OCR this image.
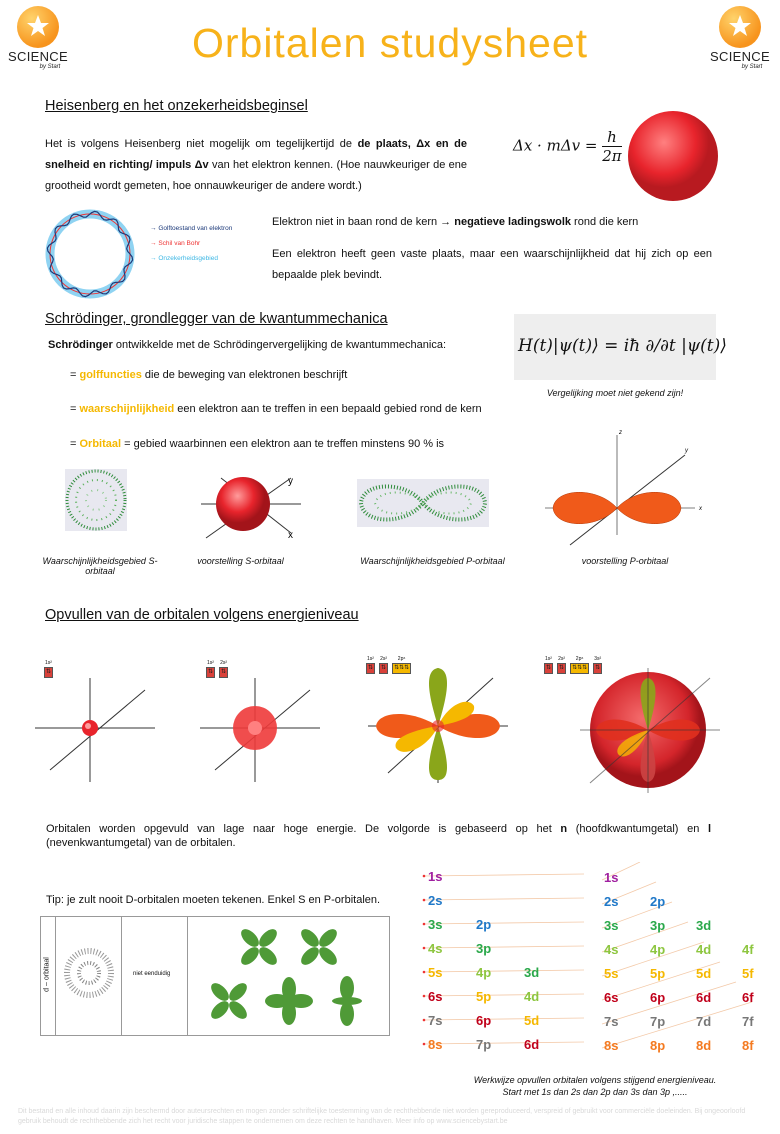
SCIENCE
by Start
SCIENCE
by Start
Orbitalen studysheet
Heisenberg en het onzekerheidsbeginsel
Het is volgens Heisenberg niet mogelijk om tegelijkertijd de de plaats, Δx en de snelheid en richting/ impuls Δv van het elektron kennen. (Hoe nauwkeuriger de ene grootheid wordt gemeten, hoe onnauwkeuriger de andere wordt.)
$\Delta x \cdot m\Delta v = \frac{h}{2\pi}$
→ Golftoestand van elektron
→ Schil van Bohr
→ Onzekerheidsgebied
Elektron niet in baan rond de kern → negatieve ladingswolk rond die kern
Een elektron heeft geen vaste plaats, maar een waarschijnlijkheid dat hij zich op een bepaalde plek bevindt.
Schrödinger, grondlegger van de kwantummechanica
Schrödinger ontwikkelde met de Schrödingervergelijking de kwantummechanica:	H(t)|ψ(t)⟩ = iħ ∂/∂t |ψ(t)⟩
Vergelijking moet niet gekend zijn!
= golffuncties die de beweging van elektronen beschrijft
= waarschijnlijkheid een elektron aan te treffen in een bepaald gebied rond de kern
= Orbitaal = gebied waarbinnen een elektron aan te treffen minstens 90 % is
Waarschijnlijkheidsgebied S-orbitaal
y
x
voorstelling S-orbitaal	Waarschijnlijkheidsgebied P-orbitaal
z
y
x
voorstelling P-orbitaal
Opvullen van de orbitalen volgens energieniveau
1s²
⇅
1s²
⇅
2s²
⇅
1s²
⇅
2s²
⇅
2p⁶
⇅⇅⇅
1s²
⇅
2s²
⇅
2p⁶
⇅⇅⇅
3s²
⇅
Orbitalen worden opgevuld van lage naar hoge energie. De volgorde is gebaseerd op het n (hoofdkwantumgetal) en l (nevenkwantumgetal) van de orbitalen.
Tip: je zult nooit D-orbitalen moeten tekenen. Enkel S en P-orbitalen.
d – orbitaal	niet eenduidig
1s
2s
3s	2p
4s	3p
5s	4p	3d
6s	5p	4d
7s	6p	5d
8s	7p	6d
1s
2s 2p
3s 3p 3d
4s 4p 4d 4f
5s 5p 5d 5f
6s 6p 6d 6f
7s 7p 7d 7f
8s 8p 8d 8f
Werkwijze opvullen orbitalen volgens stijgend energieniveau.
Start met 1s dan 2s dan 2p dan 3s dan 3p ,.....
Dit bestand en alle inhoud daarin zijn beschermd door auteursrechten en mogen zonder schriftelijke toestemming van de rechthebbende niet worden gereproduceerd, verspreid of gebruikt voor commerciële doeleinden. Bij ongeoorloofd gebruik behoudt de rechthebbende zich het recht voor juridische stappen te ondernemen om deze rechten te handhaven. Meer info op www.sciencebystart.be
